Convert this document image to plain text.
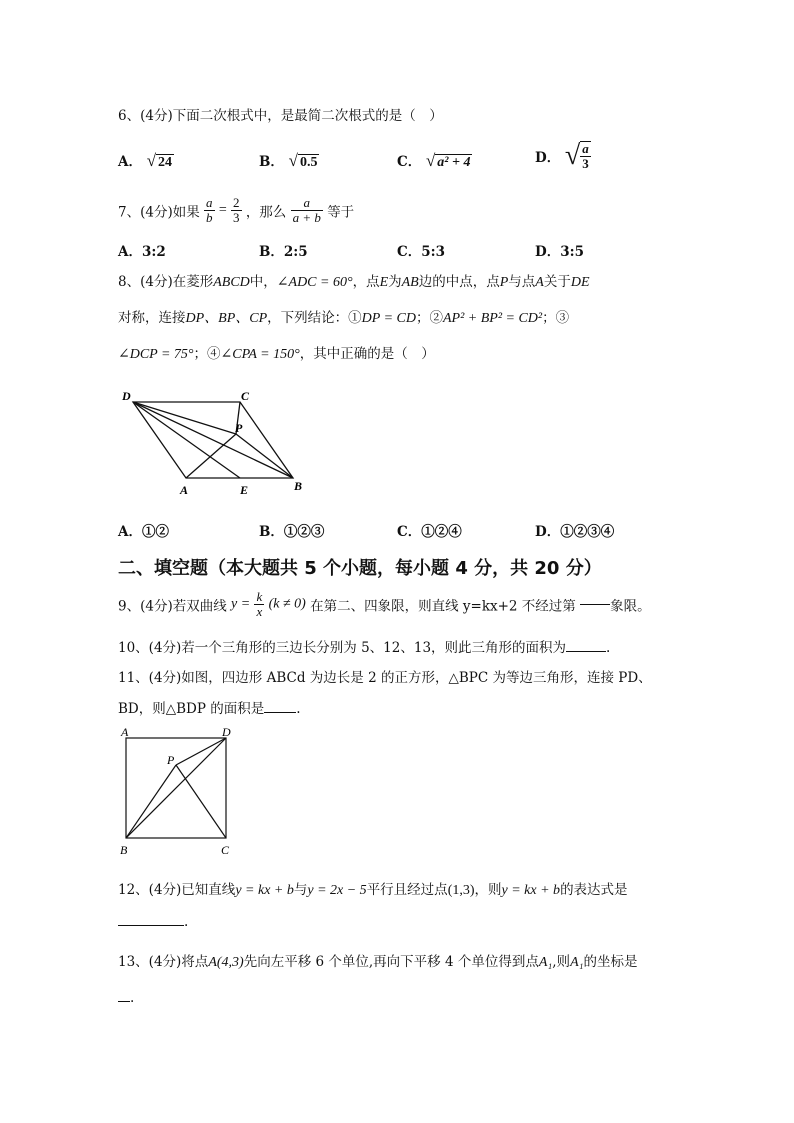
6、(4分)下面二次根式中，是最简二次根式的是（　）
A． √ 24	B． √ 0.5	C． √ a² + 4	D． √ $\frac{a}{3}$
7、(4分)如果 $\frac{a}{b} = \frac{2}{3}$ ，那么 $\frac{a}{a + b}$ 等于
A．3:2	B．2:5	C．5:3	D．3:5
8、(4分)在菱形ABCD中，∠ADC = 60°，点E为AB边的中点，点P与点A关于DE
对称，连接DP、BP、CP，下列结论：①DP = CD；②AP² + BP² = CD²；③
∠DCP = 75°；④∠CPA = 150°，其中正确的是（　）
D	C
P
A	E	B
A．①②	B．①②③	C．①②④	D．①②③④
二、填空题（本大题共 5 个小题，每小题 4 分，共 20 分）
9、(4分)若双曲线 $y = \frac{k}{x} (k \ne 0)$ 在第二、四象限，则直线 y=kx+2 不经过第	象限。
10、(4分)若一个三角形的三边长分别为 5、12、13，则此三角形的面积为	.
11、(4分)如图，四边形 ABCd 为边长是 2 的正方形，△BPC 为等边三角形，连接 PD、
BD，则△BDP 的面积是 .
A	D
P
B	C
12、(4分)已知直线y = kx + b与y = 2x − 5平行且经过点(1,3)，则y = kx + b的表达式是
.
13、(4分)将点A(4,3)先向左平移 6 个单位,再向下平移 4 个单位得到点A₁,则A₁的坐标是
.
